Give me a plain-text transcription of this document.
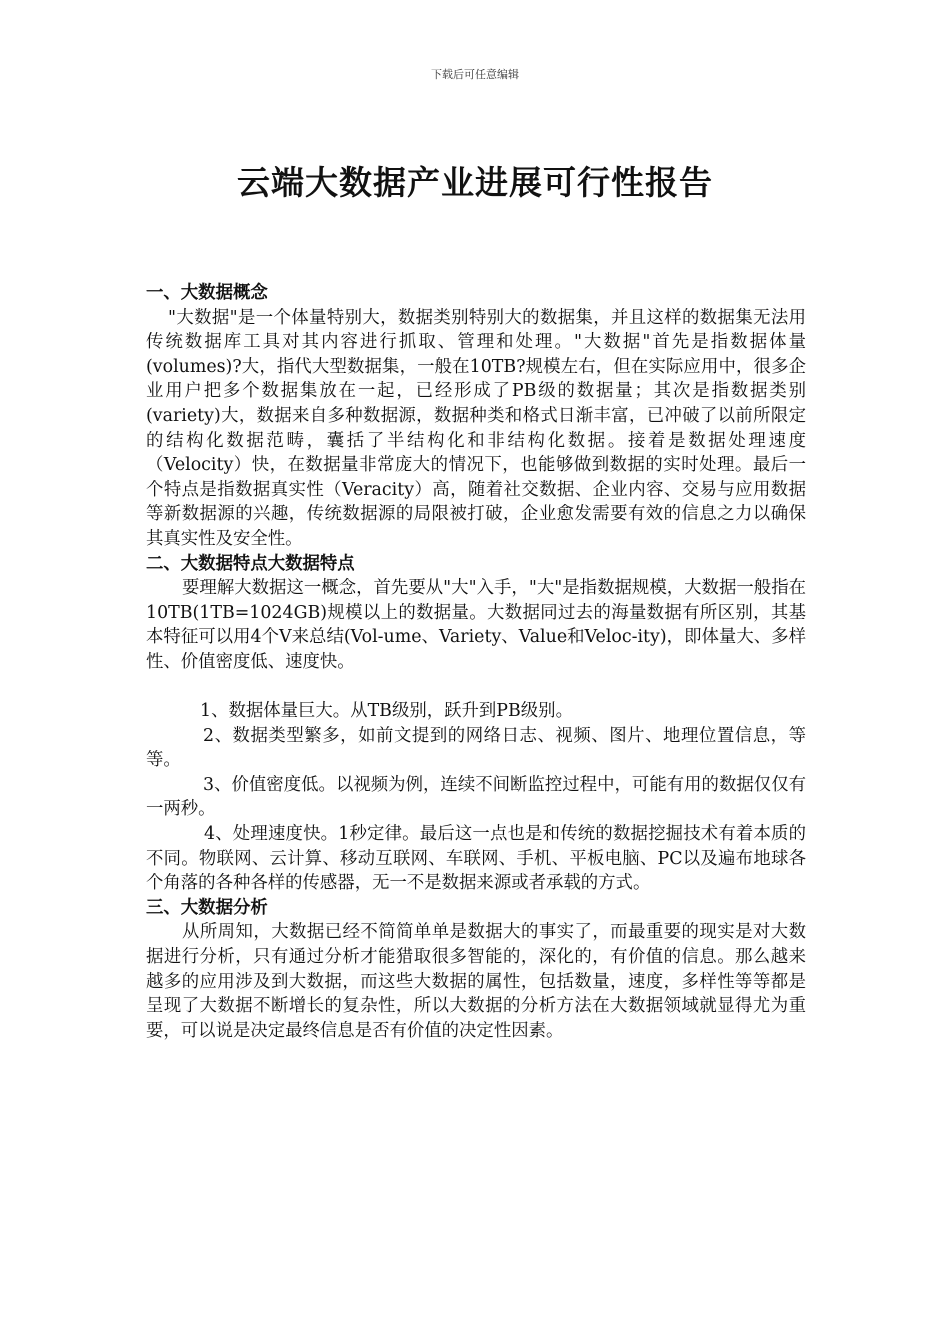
下载后可任意编辑
云端大数据产业进展可行性报告

一、大数据概念

"大数据"是一个体量特别大，数据类别特别大的数据集，并且这样的数据集无法用传统数据库工具对其内容进行抓取、管理和处理。"大数据"首先是指数据体量(volumes)?大，指代大型数据集，一般在10TB?规模左右，但在实际应用中，很多企业用户把多个数据集放在一起，已经形成了PB级的数据量；其次是指数据类别(variety)大，数据来自多种数据源，数据种类和格式日渐丰富，已冲破了以前所限定的结构化数据范畴，囊括了半结构化和非结构化数据。接着是数据处理速度（Velocity）快，在数据量非常庞大的情况下，也能够做到数据的实时处理。最后一个特点是指数据真实性（Veracity）高，随着社交数据、企业内容、交易与应用数据等新数据源的兴趣，传统数据源的局限被打破，企业愈发需要有效的信息之力以确保其真实性及安全性。

二、大数据特点大数据特点

要理解大数据这一概念，首先要从"大"入手，"大"是指数据规模，大数据一般指在10TB(1TB=1024GB)规模以上的数据量。大数据同过去的海量数据有所区别，其基本特征可以用4个V来总结(Vol-ume、Variety、Value和Veloc-ity)，即体量大、多样性、价值密度低、速度快。

1、数据体量巨大。从TB级别，跃升到PB级别。

2、数据类型繁多，如前文提到的网络日志、视频、图片、地理位置信息，等等。

3、价值密度低。以视频为例，连续不间断监控过程中，可能有用的数据仅仅有一两秒。

4、处理速度快。1秒定律。最后这一点也是和传统的数据挖掘技术有着本质的不同。物联网、云计算、移动互联网、车联网、手机、平板电脑、PC以及遍布地球各个角落的各种各样的传感器，无一不是数据来源或者承载的方式。

三、大数据分析

从所周知，大数据已经不简简单单是数据大的事实了，而最重要的现实是对大数据进行分析，只有通过分析才能猎取很多智能的，深化的，有价值的信息。那么越来越多的应用涉及到大数据，而这些大数据的属性，包括数量，速度，多样性等等都是呈现了大数据不断增长的复杂性，所以大数据的分析方法在大数据领域就显得尤为重要，可以说是决定最终信息是否有价值的决定性因素。
